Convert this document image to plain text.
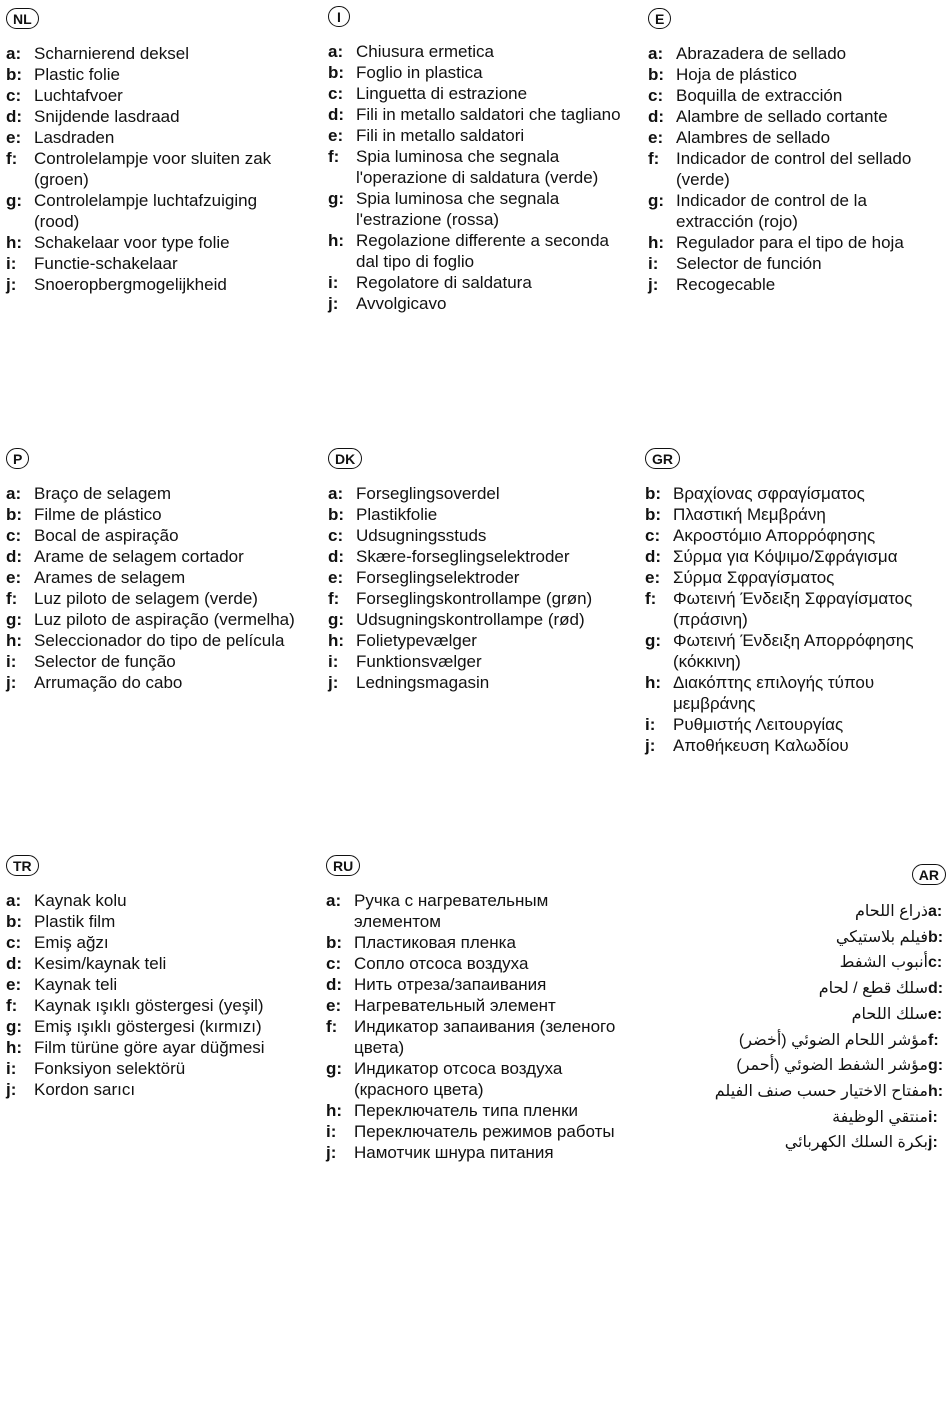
NL
a: Scharnierend deksel
b: Plastic folie
c: Luchtafvoer
d: Snijdende lasdraad
e: Lasdraden
f: Controlelampje voor sluiten zak (groen)
g: Controlelampje luchtafzuiging (rood)
h: Schakelaar voor type folie
i:	Functie-schakelaar
j:	Snoeropbergmogelijkheid
I
a: Chiusura ermetica
b: Foglio in plastica
c: Linguetta di estrazione
d: Fili in metallo saldatori che tagliano
e: Fili in metallo saldatori
f: Spia luminosa che segnala l'operazione di saldatura (verde)
g: Spia luminosa che segnala l'estrazione (rossa)
h: Regolazione differente a seconda dal tipo di foglio
i:	Regolatore di saldatura
j:	Avvolgicavo
E
a: Abrazadera de sellado
b: Hoja de plástico
c: Boquilla de extracción
d: Alambre de sellado cortante
e: Alambres de sellado
f: Indicador de control del sellado (verde)
g: Indicador de control de la extracción (rojo)
h: Regulador para el tipo de hoja
i:	Selector de función
j:	Recogecable
P
a: Braço de selagem
b: Filme de plástico
c: Bocal de aspiração
d: Arame de selagem cortador
e: Arames de selagem
f: Luz piloto de selagem (verde)
g: Luz piloto de aspiração (vermelha)
h: Seleccionador do tipo de película
i:	Selector de função
j:	Arrumação do cabo
DK
a: Forseglingsoverdel
b: Plastikfolie
c: Udsugningsstuds
d: Skære-forseglingselektroder
e: Forseglingselektroder
f: Forseglingskontrollampe (grøn)
g: Udsugningskontrollampe (rød)
h: Folietypevælger
i:	Funktionsvælger
j:	Ledningsmagasin
GR
b: Βραχίονας σφραγίσματος
b: Πλαστική Μεμβράνη
c: Ακροστόμιο Απορρόφησης
d: Σύρμα για Κόψιμο/Σφράγισμα
e: Σύρμα Σφραγίσματος
f: Φωτεινή Ένδειξη Σφραγίσματος (πράσινη)
g: Φωτεινή Ένδειξη Απορρόφησης (κόκκινη)
h: Διακόπτης επιλογής τύπου μεμβράνης
i:	Ρυθμιστής Λειτουργίας
j:	Αποθήκευση Καλωδίου
TR
a: Kaynak kolu
b: Plastik film
c: Emiş ağzı
d: Kesim/kaynak teli
e: Kaynak teli
f: Kaynak ışıklı göstergesi (yeşil)
g: Emiş ışıklı göstergesi (kırmızı)
h: Film türüne göre ayar düğmesi
i:	Fonksiyon selektörü
j:	Kordon sarıcı
RU
a: Ручка с нагревательным элементом
b: Пластиковая пленка
c: Сопло отсоса воздуха
d: Нить отреза/запаивания
e: Нагревательный элемент
f: Индикатор запаивания (зеленого цвета)
g: Индикатор отсоса воздуха (красного цвета)
h: Переключатель типа пленки
i:	Переключатель режимов работы
j:	Намотчик шнура питания
AR
a:
ذراع اللحام
b:
فيلم بلاستيكي
c:
أنبوب الشفط
d:
سلك قطع / لحام
e:
سلك اللحام
f:
مؤشر اللحام الضوئي (أخضر)
g:
مؤشر الشفط الضوئي (أحمر)
h:
مفتاح الاختيار حسب صنف الفيلم
i:
منتقي الوظيفة
j:
بكرة السلك الكهربائي
